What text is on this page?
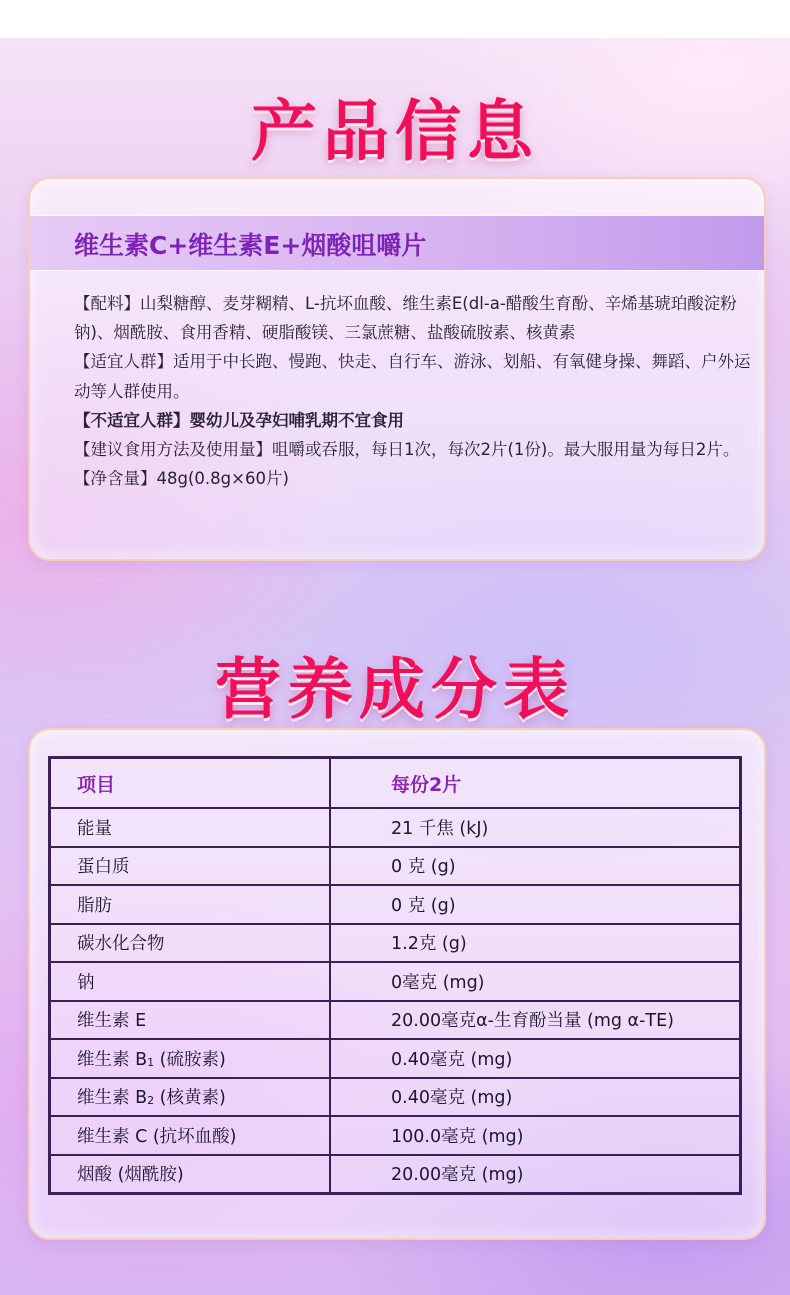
产品信息
维生素C+维生素E+烟酸咀嚼片

【配料】山梨糖醇、麦芽糊精、L-抗坏血酸、维生素E(dl-a-醋酸生育酚、辛烯基琥珀酸淀粉钠)、烟酰胺、食用香精、硬脂酸镁、三氯蔗糖、盐酸硫胺素、核黄素

【适宜人群】适用于中长跑、慢跑、快走、自行车、游泳、划船、有氧健身操、舞蹈、户外运动等人群使用。

【不适宜人群】婴幼儿及孕妇哺乳期不宜食用

【建议食用方法及使用量】咀嚼或吞服，每日1次，每次2片(1份)。最大服用量为每日2片。

【净含量】48g(0.8g×60片)

营养成分表
项目	每份2片
能量	21 千焦 (kJ)
蛋白质	0 克 (g)
脂肪	0 克 (g)
碳水化合物	1.2克 (g)
钠	0毫克 (mg)
维生素 E	20.00毫克α-生育酚当量 (mg α-TE)
维生素 B1 (硫胺素)	0.40毫克 (mg)
维生素 B2 (核黄素)	0.40毫克 (mg)
维生素 C (抗坏血酸)	100.0毫克 (mg)
烟酸 (烟酰胺)	20.00毫克 (mg)
